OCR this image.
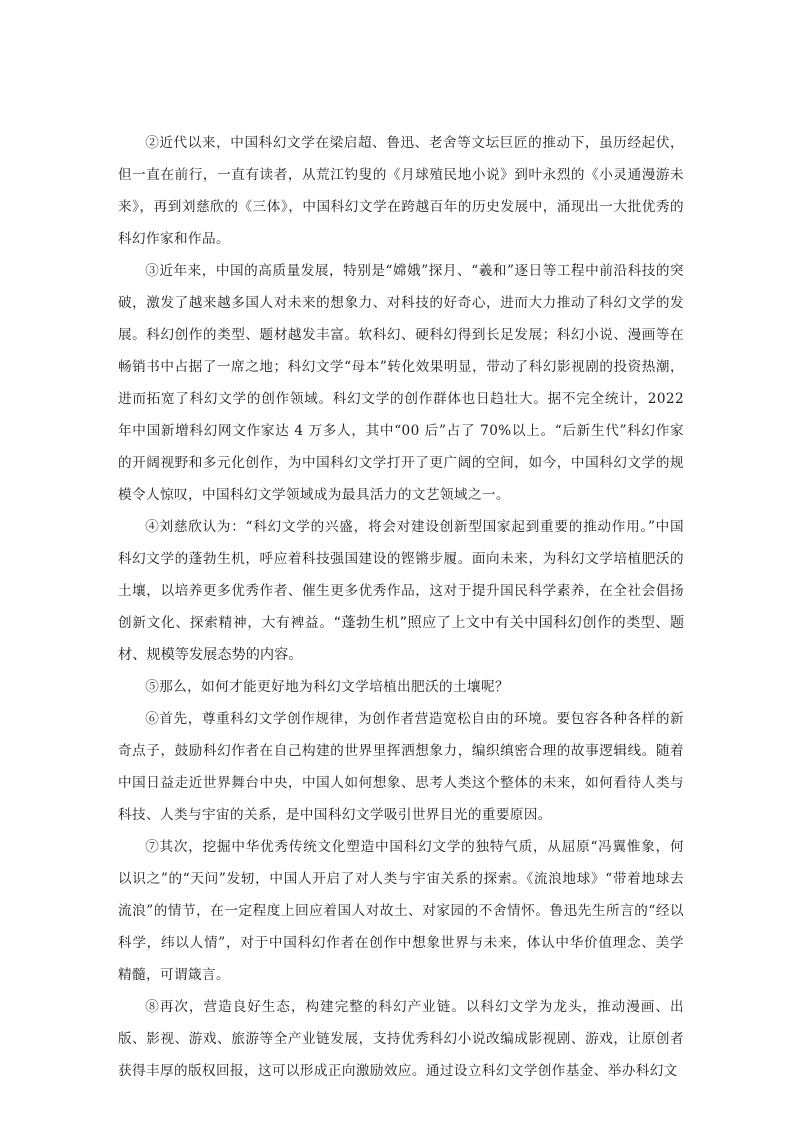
②近代以来，中国科幻文学在梁启超、鲁迅、老舍等文坛巨匠的推动下，虽历经起伏，但一直在前行，一直有读者，从荒江钓叟的《月球殖民地小说》到叶永烈的《小灵通漫游未来》，再到刘慈欣的《三体》，中国科幻文学在跨越百年的历史发展中，涌现出一大批优秀的科幻作家和作品。

③近年来，中国的高质量发展，特别是“嫦娥”探月、“羲和”逐日等工程中前沿科技的突破，激发了越来越多国人对未来的想象力、对科技的好奇心，进而大力推动了科幻文学的发展。科幻创作的类型、题材越发丰富。软科幻、硬科幻得到长足发展；科幻小说、漫画等在畅销书中占据了一席之地；科幻文学“母本”转化效果明显，带动了科幻影视剧的投资热潮，进而拓宽了科幻文学的创作领域。科幻文学的创作群体也日趋壮大。据不完全统计，2022 年中国新增科幻网文作家达 4 万多人，其中“00 后”占了 70%以上。“后新生代”科幻作家的开阔视野和多元化创作，为中国科幻文学打开了更广阔的空间，如今，中国科幻文学的规模令人惊叹，中国科幻文学领域成为最具活力的文艺领域之一。

④刘慈欣认为：“科幻文学的兴盛，将会对建设创新型国家起到重要的推动作用。”中国科幻文学的蓬勃生机，呼应着科技强国建设的铿锵步履。面向未来，为科幻文学培植肥沃的土壤，以培养更多优秀作者、催生更多优秀作品，这对于提升国民科学素养，在全社会倡扬创新文化、探索精神，大有裨益。“蓬勃生机”照应了上文中有关中国科幻创作的类型、题材、规模等发展态势的内容。

⑤那么，如何才能更好地为科幻文学培植出肥沃的土壤呢？

⑥首先，尊重科幻文学创作规律，为创作者营造宽松自由的环境。要包容各种各样的新奇点子，鼓励科幻作者在自己构建的世界里挥洒想象力，编织缜密合理的故事逻辑线。随着中国日益走近世界舞台中央，中国人如何想象、思考人类这个整体的未来，如何看待人类与科技、人类与宇宙的关系，是中国科幻文学吸引世界目光的重要原因。

⑦其次，挖掘中华优秀传统文化塑造中国科幻文学的独特气质，从屈原“冯翼惟象，何以识之”的“天问”发轫，中国人开启了对人类与宇宙关系的探索。《流浪地球》“带着地球去流浪”的情节，在一定程度上回应着国人对故土、对家园的不舍情怀。鲁迅先生所言的“经以科学，纬以人情”，对于中国科幻作者在创作中想象世界与未来，体认中华价值理念、美学精髓，可谓箴言。

⑧再次，营造良好生态，构建完整的科幻产业链。以科幻文学为龙头，推动漫画、出版、影视、游戏、旅游等全产业链发展，支持优秀科幻小说改编成影视剧、游戏，让原创者获得丰厚的版权回报，这可以形成正向激励效应。通过设立科幻文学创作基金、举办科幻文
